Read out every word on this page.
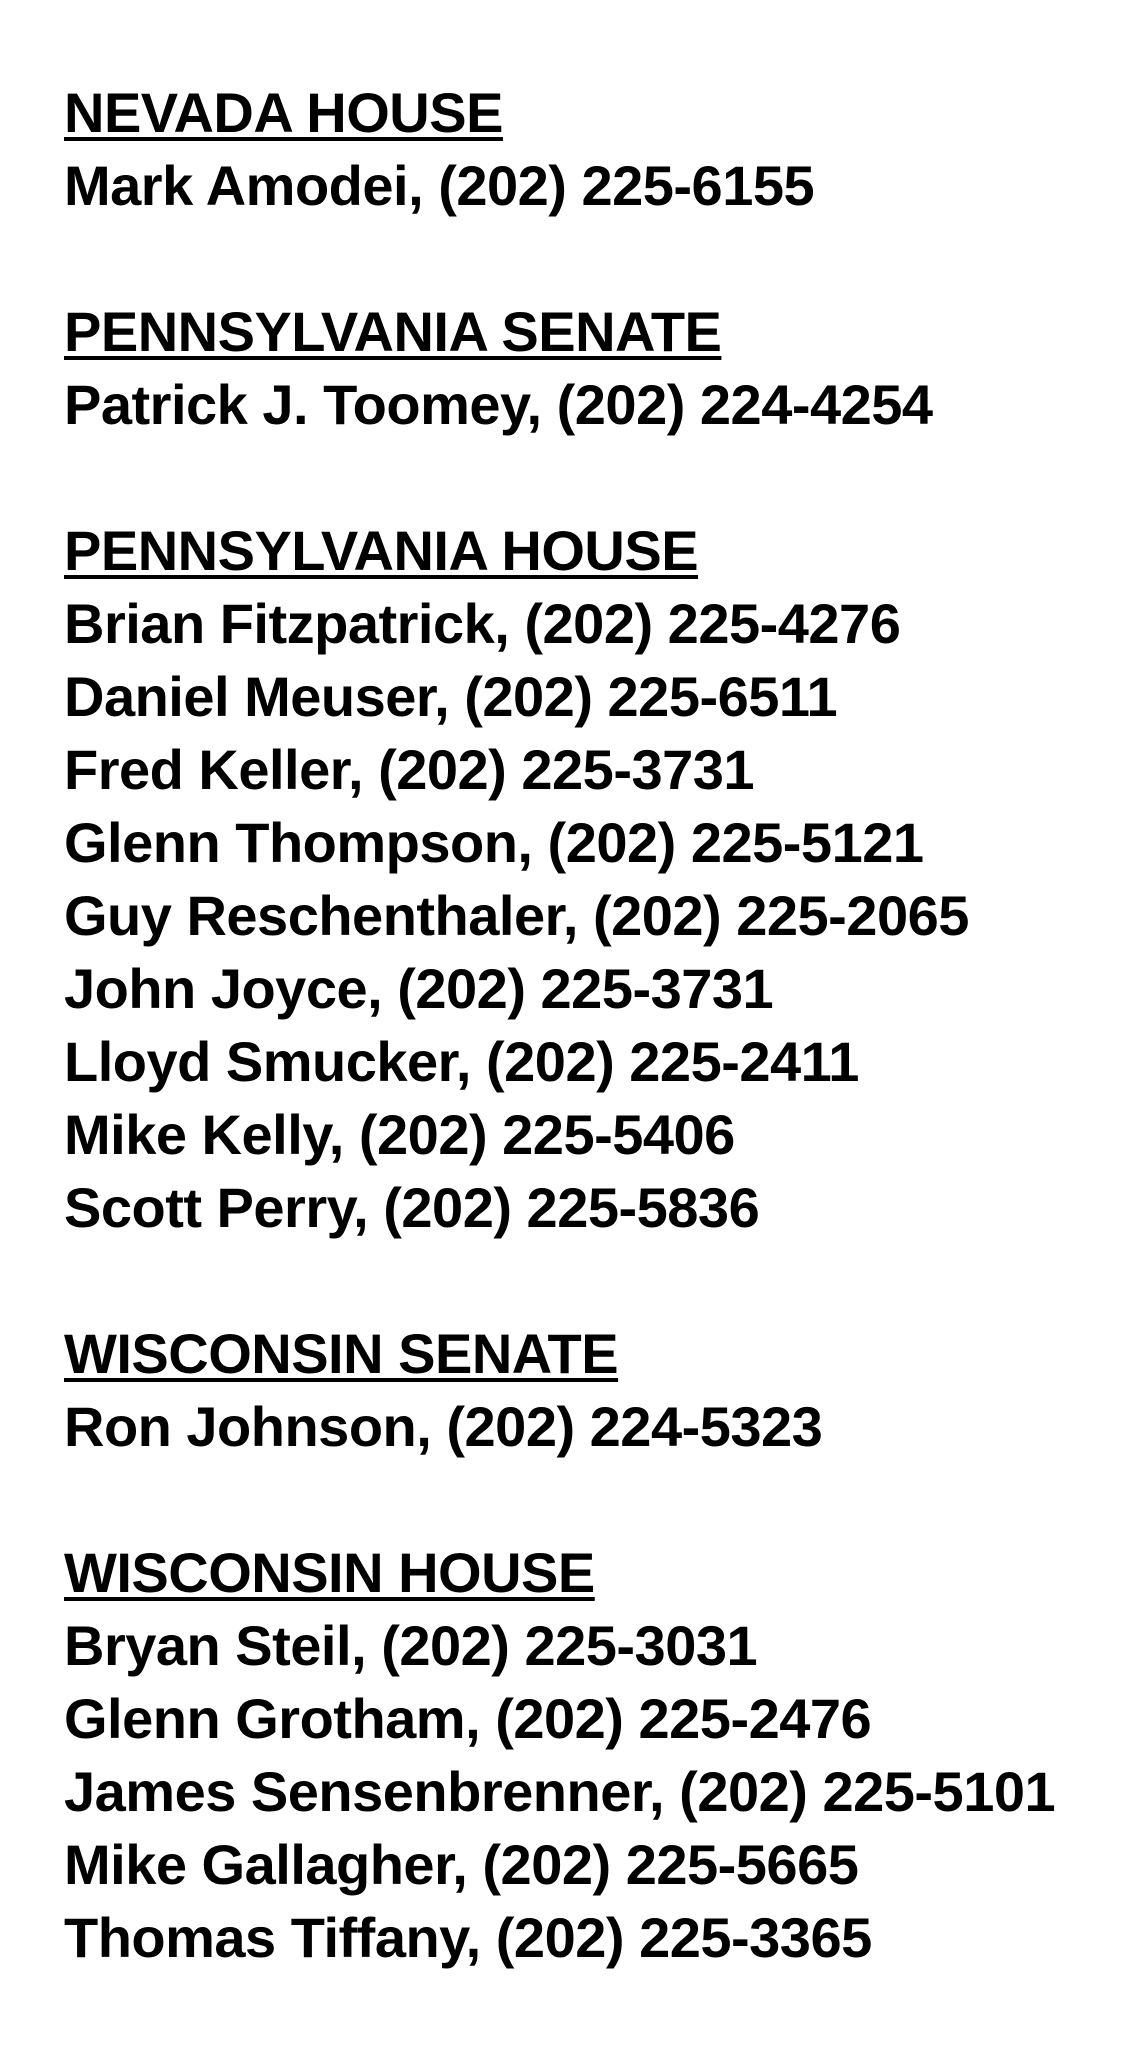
NEVADA HOUSE
Mark Amodei, (202) 225-6155
PENNSYLVANIA SENATE
Patrick J. Toomey, (202) 224-4254
PENNSYLVANIA HOUSE
Brian Fitzpatrick, (202) 225-4276
Daniel Meuser, (202) 225-6511
Fred Keller, (202) 225-3731
Glenn Thompson, (202) 225-5121
Guy Reschenthaler, (202) 225-2065
John Joyce, (202) 225-3731
Lloyd Smucker, (202) 225-2411
Mike Kelly, (202) 225-5406
Scott Perry, (202) 225-5836
WISCONSIN SENATE
Ron Johnson, (202) 224-5323
WISCONSIN HOUSE
Bryan Steil, (202) 225-3031
Glenn Grotham, (202) 225-2476
James Sensenbrenner, (202) 225-5101
Mike Gallagher, (202) 225-5665
Thomas Tiffany, (202) 225-3365
